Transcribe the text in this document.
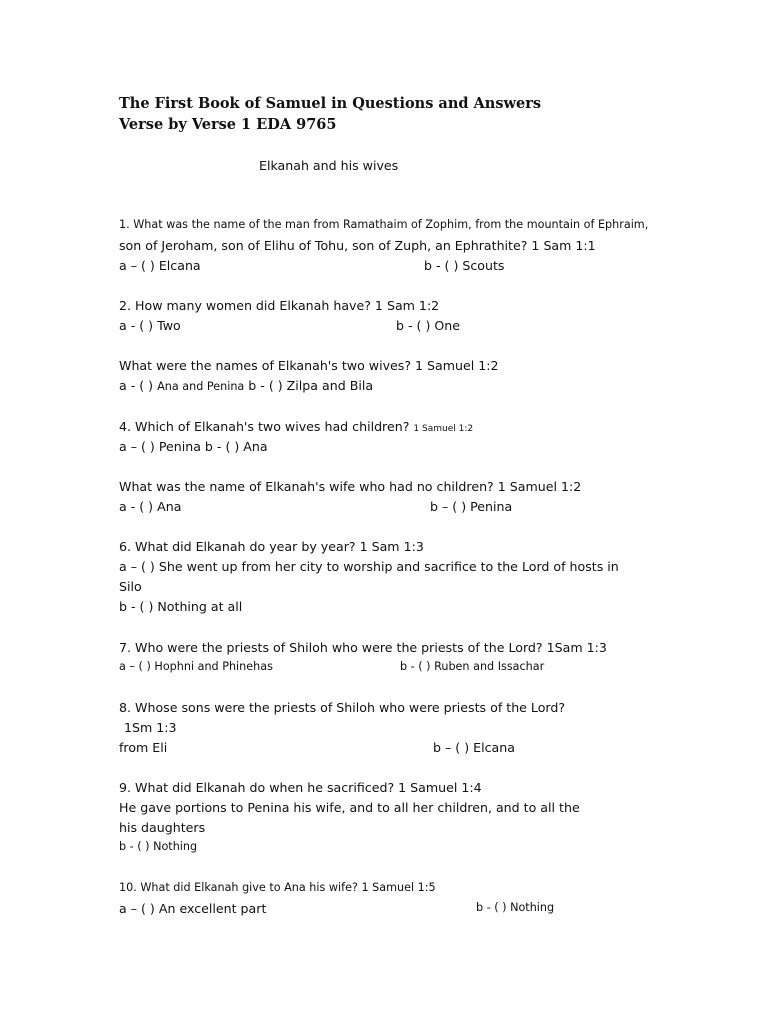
The First Book of Samuel in Questions and Answers
Verse by Verse 1 EDA 9765
Elkanah and his wives
1. What was the name of the man from Ramathaim of Zophim, from the mountain of Ephraim,
son of Jeroham, son of Elihu of Tohu, son of Zuph, an Ephrathite? 1 Sam 1:1
a – ( ) Elcana	b - ( ) Scouts
2. How many women did Elkanah have? 1 Sam 1:2
a - ( ) Two	b - ( ) One
What were the names of Elkanah's two wives? 1 Samuel 1:2
a - ( ) Ana and Penina b - ( ) Zilpa and Bila
4. Which of Elkanah's two wives had children? 1 Samuel 1:2
a – ( ) Penina b - ( ) Ana
What was the name of Elkanah's wife who had no children? 1 Samuel 1:2
a - ( ) Ana	b – ( ) Penina
6. What did Elkanah do year by year? 1 Sam 1:3
a – ( ) She went up from her city to worship and sacrifice to the Lord of hosts in
Silo
b - ( ) Nothing at all
7. Who were the priests of Shiloh who were the priests of the Lord? 1Sam 1:3
a – ( ) Hophni and Phinehas	b - ( ) Ruben and Issachar
8. Whose sons were the priests of Shiloh who were priests of the Lord?
1Sm 1:3
from Eli	b – ( ) Elcana
9. What did Elkanah do when he sacrificed? 1 Samuel 1:4
He gave portions to Penina his wife, and to all her children, and to all the
his daughters
b - ( ) Nothing
10. What did Elkanah give to Ana his wife? 1 Samuel 1:5
a – ( ) An excellent part	b - ( ) Nothing
